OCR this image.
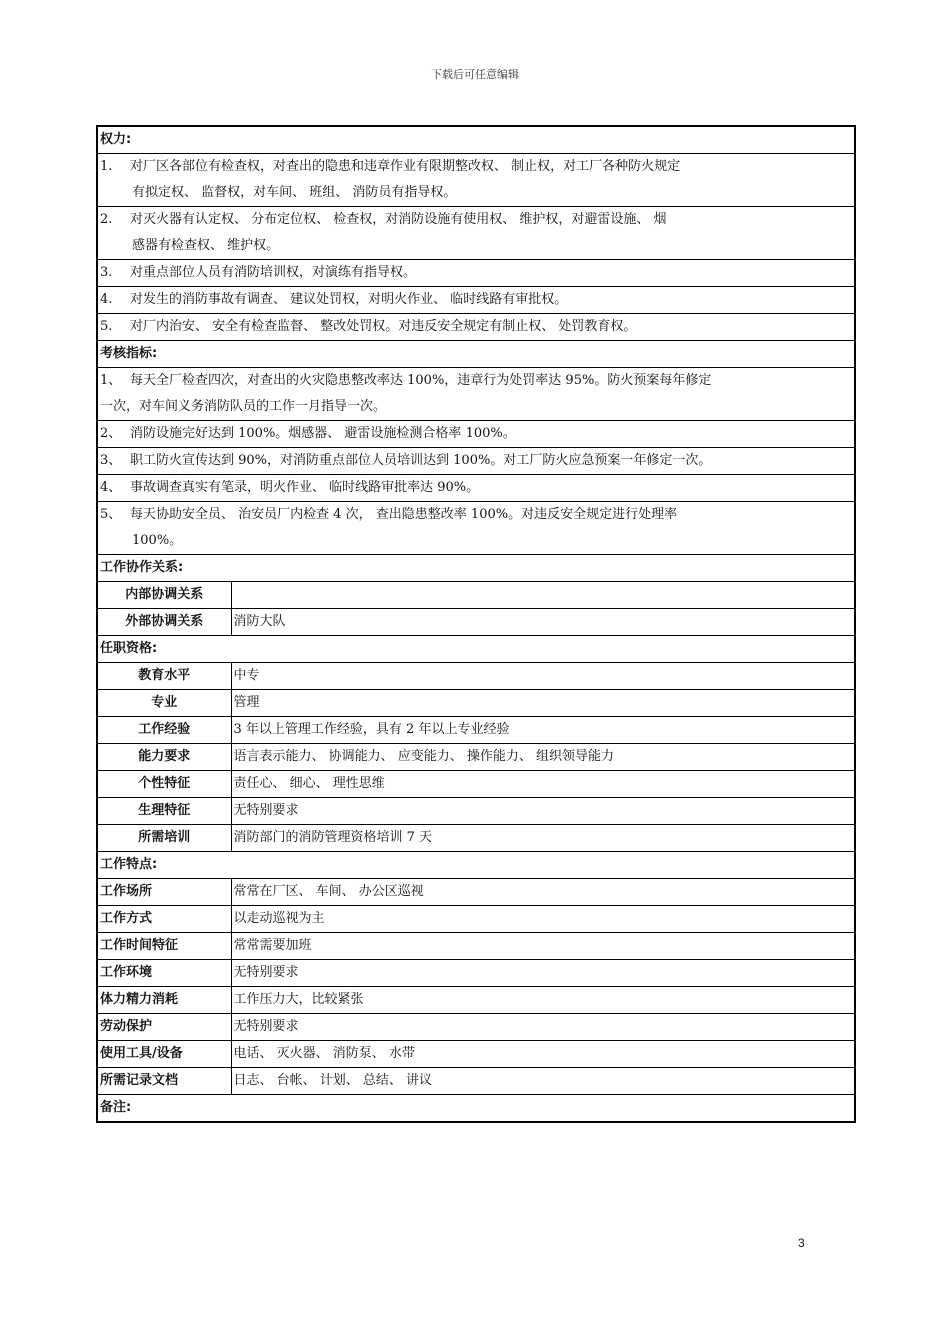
下载后可任意编辑
权力:	
1. 对厂区各部位有检查权，对查出的隐患和违章作业有限期整改权、 制止权，对工厂各种防火规定
有拟定权、 监督权，对车间、 班组、 消防员有指导权。	

2. 对灭火器有认定权、 分布定位权、 检查权，对消防设施有使用权、 维护权，对避雷设施、 烟
感器有检查权、 维护权。	

3. 对重点部位人员有消防培训权，对演练有指导权。	
4. 对发生的消防事故有调查、 建议处罚权，对明火作业、 临时线路有审批权。	
5. 对厂内治安、 安全有检查监督、 整改处罚权。对违反安全规定有制止权、 处罚教育权。	
考核指标:	
1、 每天全厂检查四次，对查出的火灾隐患整改率达 100%，违章行为处罚率达 95%。防火预案每年修定
一次，对车间义务消防队员的工作一月指导一次。	

2、 消防设施完好达到 100%。烟感器、 避雷设施检测合格率 100%。	
3、 职工防火宣传达到 90%，对消防重点部位人员培训达到 100%。对工厂防火应急预案一年修定一次。	
4、 事故调查真实有笔录，明火作业、 临时线路审批率达 90%。	
5、 每天协助安全员、 治安员厂内检查 4 次， 查出隐患整改率 100%。对违反安全规定进行处理率
100%。	

工作协作关系:	
内部协调关系	
外部协调关系	消防大队
任职资格:	
教育水平	中专
专业	管理
工作经验	3 年以上管理工作经验，具有 2 年以上专业经验
能力要求	语言表示能力、 协调能力、 应变能力、 操作能力、 组织领导能力
个性特征	责任心、 细心、 理性思维
生理特征	无特别要求
所需培训	消防部门的消防管理资格培训 7 天
工作特点:	
工作场所	常常在厂区、 车间、 办公区巡视
工作方式	以走动巡视为主
工作时间特征	常常需要加班
工作环境	无特别要求
体力精力消耗	工作压力大，比较紧张
劳动保护	无特别要求
使用工具/设备	电话、 灭火器、 消防泵、 水带
所需记录文档	日志、 台帐、 计划、 总结、 讲议
备注:	
3
